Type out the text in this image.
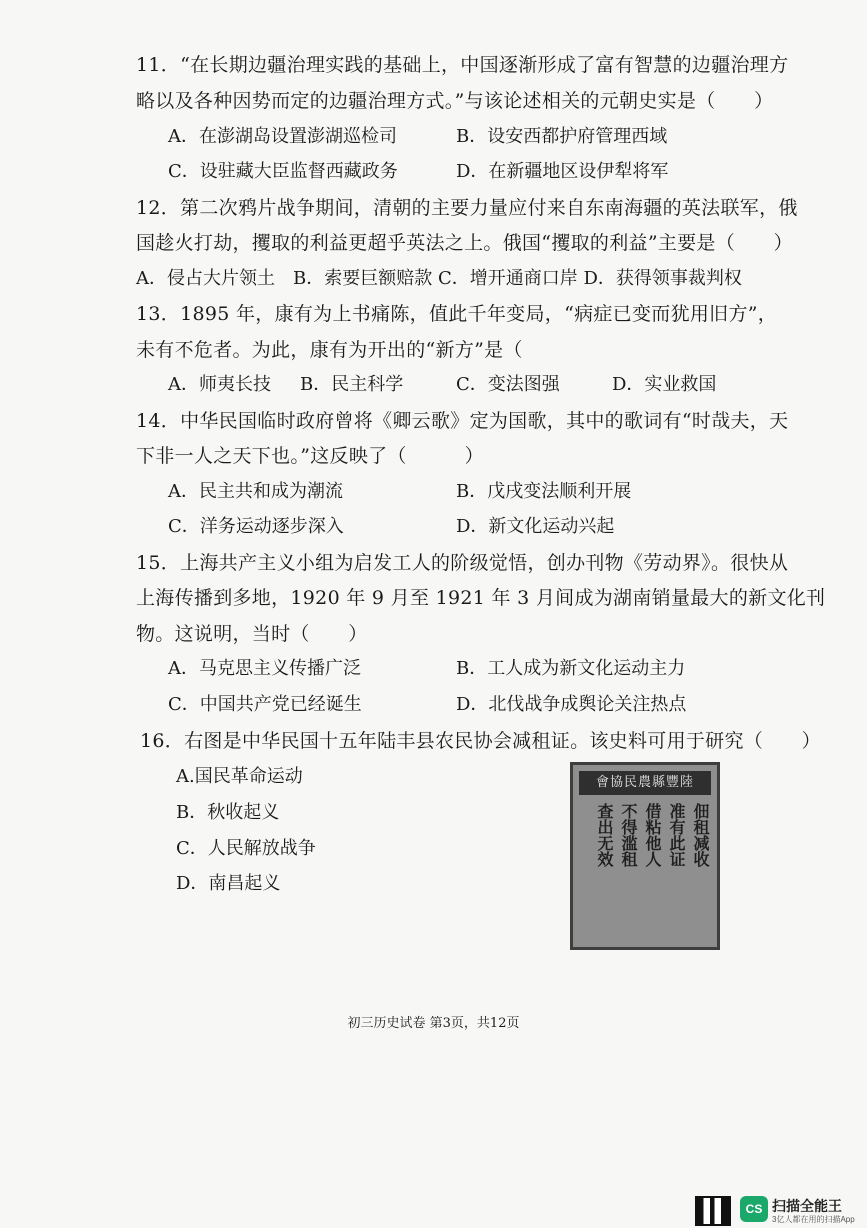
11．“在长期边疆治理实践的基础上，中国逐渐形成了富有智慧的边疆治理方
略以及各种因势而定的边疆治理方式。”与该论述相关的元朝史实是（　　）
A．在澎湖岛设置澎湖巡检司	B．设安西都护府管理西域
C．设驻藏大臣监督西藏政务	D．在新疆地区设伊犁将军
12．第二次鸦片战争期间，清朝的主要力量应付来自东南海疆的英法联军，俄
国趁火打劫，攫取的利益更超乎英法之上。俄国“攫取的利益”主要是（　　）
A．侵占大片领土　B．索要巨额赔款 C．增开通商口岸 D．获得领事裁判权
13．1895 年，康有为上书痛陈，值此千年变局，“病症已变而犹用旧方”，
未有不危者。为此，康有为开出的“新方”是（
A．师夷长技 B．民主科学	C．变法图强	D．实业救国
14．中华民国临时政府曾将《卿云歌》定为国歌，其中的歌词有“时哉夫，天
下非一人之天下也。”这反映了（　　　）
A．民主共和成为潮流	B．戊戌变法顺利开展
C．洋务运动逐步深入	D．新文化运动兴起
15．上海共产主义小组为启发工人的阶级觉悟，创办刊物《劳动界》。很快从
上海传播到多地，1920 年 9 月至 1921 年 3 月间成为湖南销量最大的新文化刊
物。这说明，当时（　　）
A．马克思主义传播广泛	B．工人成为新文化运动主力
C．中国共产党已经诞生	D．北伐战争成舆论关注热点
16．右图是中华民国十五年陆丰县农民协会减租证。该史料可用于研究（　　）
A.国民革命运动
B．秋收起义
C．人民解放战争
D．南昌起义
會協民農縣豐陸
佃租减收
准有此证
借粘他人
不得滥租
查出无效
初三历史试卷 第3页，共12页
CS 扫描全能王
3亿人都在用的扫描App
